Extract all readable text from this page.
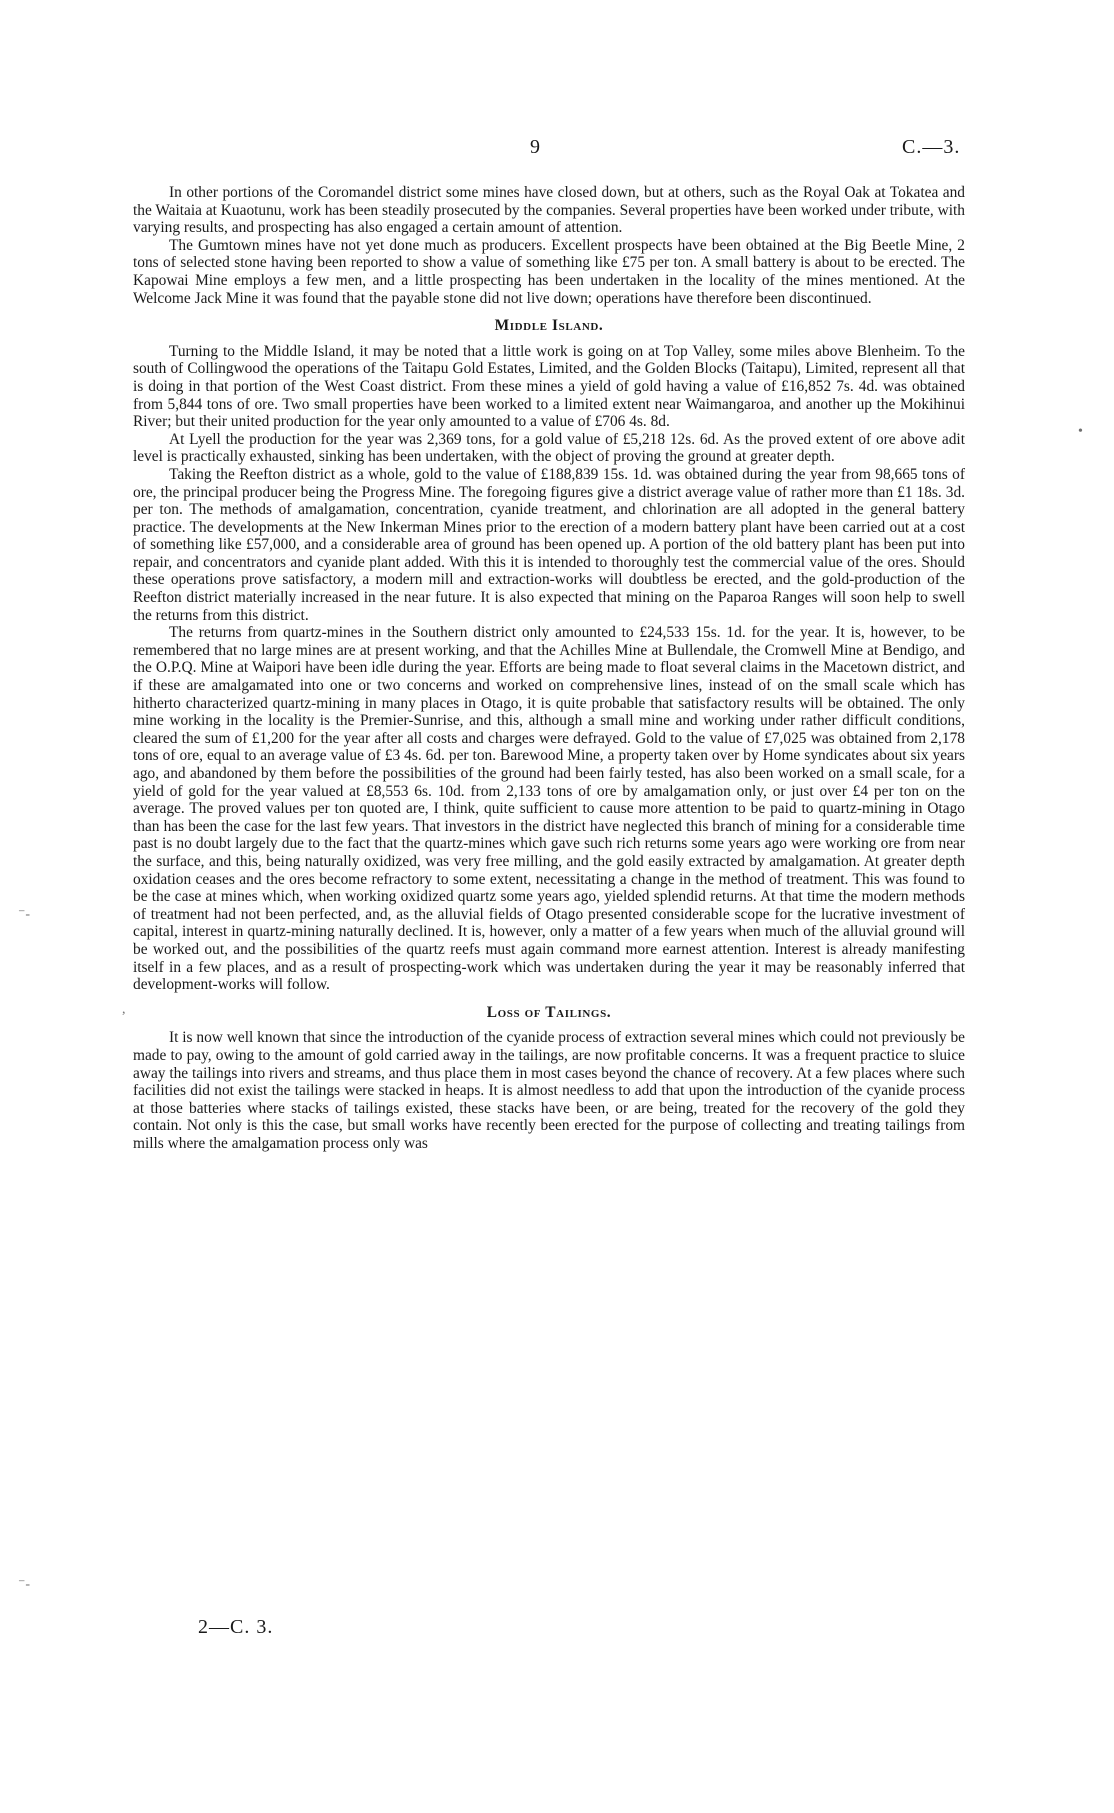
9	C.—3.

In other portions of the Coromandel district some mines have closed down, but at others, such as the Royal Oak at Tokatea and the Waitaia at Kuaotunu, work has been steadily prosecuted by the companies. Several properties have been worked under tribute, with varying results, and prospecting has also engaged a certain amount of attention.

The Gumtown mines have not yet done much as producers. Excellent prospects have been obtained at the Big Beetle Mine, 2 tons of selected stone having been reported to show a value of something like £75 per ton. A small battery is about to be erected. The Kapowai Mine employs a few men, and a little prospecting has been undertaken in the locality of the mines mentioned. At the Welcome Jack Mine it was found that the payable stone did not live down; operations have therefore been discontinued.

Middle Island.

Turning to the Middle Island, it may be noted that a little work is going on at Top Valley, some miles above Blenheim. To the south of Collingwood the operations of the Taitapu Gold Estates, Limited, and the Golden Blocks (Taitapu), Limited, represent all that is doing in that portion of the West Coast district. From these mines a yield of gold having a value of £16,852 7s. 4d. was obtained from 5,844 tons of ore. Two small properties have been worked to a limited extent near Waimangaroa, and another up the Mokihinui River; but their united production for the year only amounted to a value of £706 4s. 8d.

At Lyell the production for the year was 2,369 tons, for a gold value of £5,218 12s. 6d. As the proved extent of ore above adit level is practically exhausted, sinking has been undertaken, with the object of proving the ground at greater depth.

Taking the Reefton district as a whole, gold to the value of £188,839 15s. 1d. was obtained during the year from 98,665 tons of ore, the principal producer being the Progress Mine. The foregoing figures give a district average value of rather more than £1 18s. 3d. per ton. The methods of amalgamation, concentration, cyanide treatment, and chlorination are all adopted in the general battery practice. The developments at the New Inkerman Mines prior to the erection of a modern battery plant have been carried out at a cost of something like £57,000, and a considerable area of ground has been opened up. A portion of the old battery plant has been put into repair, and concentrators and cyanide plant added. With this it is intended to thoroughly test the commercial value of the ores. Should these operations prove satisfactory, a modern mill and extraction-works will doubtless be erected, and the gold-production of the Reefton district materially increased in the near future. It is also expected that mining on the Paparoa Ranges will soon help to swell the returns from this district.

The returns from quartz-mines in the Southern district only amounted to £24,533 15s. 1d. for the year. It is, however, to be remembered that no large mines are at present working, and that the Achilles Mine at Bullendale, the Cromwell Mine at Bendigo, and the O.P.Q. Mine at Waipori have been idle during the year. Efforts are being made to float several claims in the Macetown district, and if these are amalgamated into one or two concerns and worked on comprehensive lines, instead of on the small scale which has hitherto characterized quartz-mining in many places in Otago, it is quite probable that satisfactory results will be obtained. The only mine working in the locality is the Premier-Sunrise, and this, although a small mine and working under rather difficult conditions, cleared the sum of £1,200 for the year after all costs and charges were defrayed. Gold to the value of £7,025 was obtained from 2,178 tons of ore, equal to an average value of £3 4s. 6d. per ton. Barewood Mine, a property taken over by Home syndicates about six years ago, and abandoned by them before the possibilities of the ground had been fairly tested, has also been worked on a small scale, for a yield of gold for the year valued at £8,553 6s. 10d. from 2,133 tons of ore by amalgamation only, or just over £4 per ton on the average. The proved values per ton quoted are, I think, quite sufficient to cause more attention to be paid to quartz-mining in Otago than has been the case for the last few years. That investors in the district have neglected this branch of mining for a considerable time past is no doubt largely due to the fact that the quartz-mines which gave such rich returns some years ago were working ore from near the surface, and this, being naturally oxidized, was very free milling, and the gold easily extracted by amalgamation. At greater depth oxidation ceases and the ores become refractory to some extent, necessitating a change in the method of treatment. This was found to be the case at mines which, when working oxidized quartz some years ago, yielded splendid returns. At that time the modern methods of treatment had not been perfected, and, as the alluvial fields of Otago presented considerable scope for the lucrative investment of capital, interest in quartz-mining naturally declined. It is, however, only a matter of a few years when much of the alluvial ground will be worked out, and the possibilities of the quartz reefs must again command more earnest attention. Interest is already manifesting itself in a few places, and as a result of prospecting-work which was undertaken during the year it may be reasonably inferred that development-works will follow.

Loss of Tailings.

It is now well known that since the introduction of the cyanide process of extraction several mines which could not previously be made to pay, owing to the amount of gold carried away in the tailings, are now profitable concerns. It was a frequent practice to sluice away the tailings into rivers and streams, and thus place them in most cases beyond the chance of recovery. At a few places where such facilities did not exist the tailings were stacked in heaps. It is almost needless to add that upon the introduction of the cyanide process at those batteries where stacks of tailings existed, these stacks have been, or are being, treated for the recovery of the gold they contain. Not only is this the case, but small works have recently been erected for the purpose of collecting and treating tailings from mills where the amalgamation process only was

2—C. 3.
•
⁻‐
,
⁻‐
